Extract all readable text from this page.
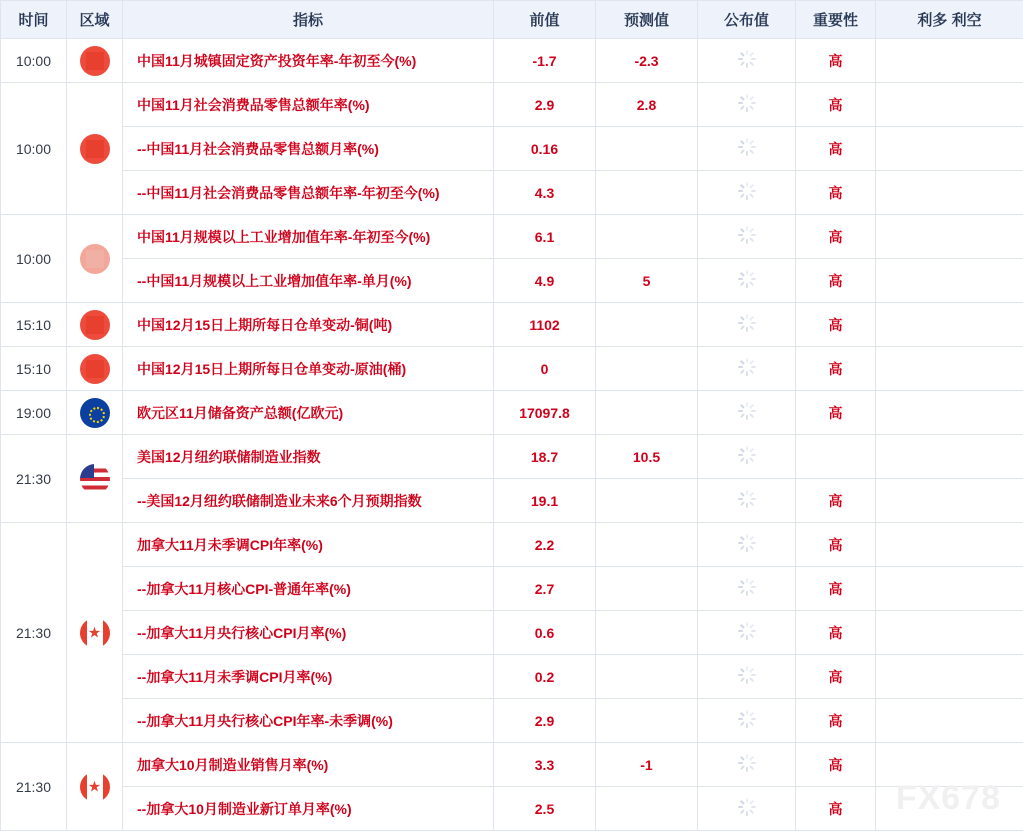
时间	区域	指标	前值	预测值	公布值	重要性	利多 利空
10:00		中国11月城镇固定资产投资年率-年初至今(%)	-1.7	-2.3		高	
10:00		中国11月社会消费品零售总额年率(%)	2.9	2.8		高	
		--中国11月社会消费品零售总额月率(%)	0.16			高	
		--中国11月社会消费品零售总额年率-年初至今(%)	4.3			高	
10:00		中国11月规模以上工业增加值年率-年初至今(%)	6.1			高	
		--中国11月规模以上工业增加值年率-单月(%)	4.9	5		高	
15:10		中国12月15日上期所每日仓单变动-铜(吨)	1102			高	
15:10		中国12月15日上期所每日仓单变动-原油(桶)	0			高	
19:00		欧元区11月储备资产总额(亿欧元)	17097.8			高	
21:30		美国12月纽约联储制造业指数	18.7	10.5	

		--美国12月纽约联储制造业未来6个月预期指数	19.1			高	
21:30	★	加拿大11月未季调CPI年率(%)	2.2			高	
		--加拿大11月核心CPI-普通年率(%)	2.7			高	
		--加拿大11月央行核心CPI月率(%)	0.6			高	
		--加拿大11月未季调CPI月率(%)	0.2			高	
		--加拿大11月央行核心CPI年率-未季调(%)	2.9			高	
21:30	★	加拿大10月制造业销售月率(%)	3.3	-1		高	
		--加拿大10月制造业新订单月率(%)	2.5			高	FX678
